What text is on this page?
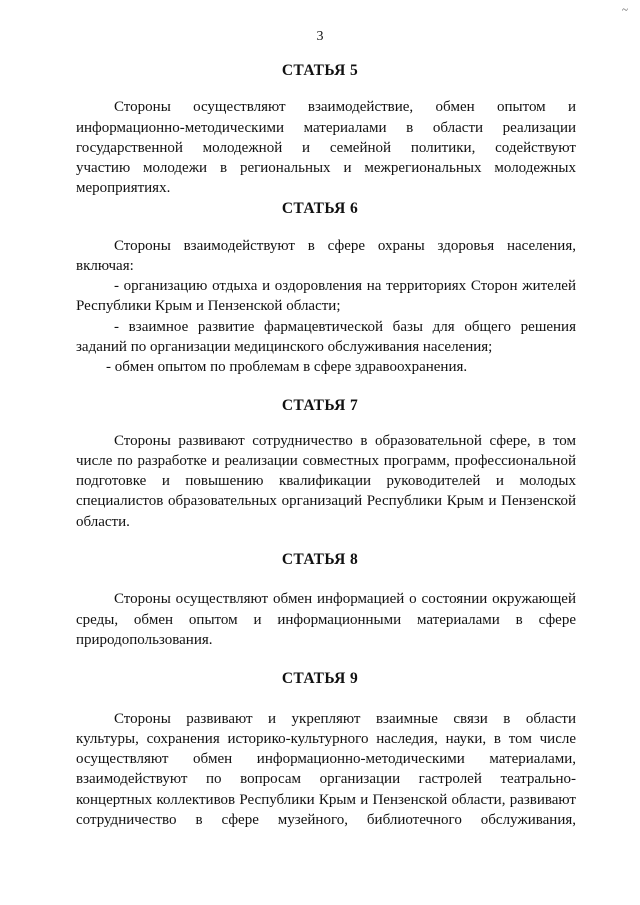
~
3
СТАТЬЯ 5
Стороны осуществляют взаимодействие, обмен опытом и
информационно-методическими материалами в области реализации
государственной молодежной и семейной политики, содействуют
участию молодежи в региональных и межрегиональных молодежных
мероприятиях.
СТАТЬЯ 6
Стороны взаимодействуют в сфере охраны здоровья населения,
включая:
- организацию отдыха и оздоровления на территориях Сторон жителей
Республики Крым и Пензенской области;
- взаимное развитие фармацевтической базы для общего решения
заданий по организации медицинского обслуживания населения;
- обмен опытом по проблемам в сфере здравоохранения.
СТАТЬЯ 7
Стороны развивают сотрудничество в образовательной сфере, в том
числе по разработке и реализации совместных программ, профессиональной
подготовке и повышению квалификации руководителей и молодых
специалистов образовательных организаций Республики Крым и Пензенской
области.
СТАТЬЯ 8
Стороны осуществляют обмен информацией о состоянии окружающей
среды, обмен опытом и информационными материалами в сфере
природопользования.
СТАТЬЯ 9
Стороны развивают и укрепляют взаимные связи в области
культуры, сохранения историко-культурного наследия, науки, в том числе
осуществляют обмен информационно-методическими материалами,
взаимодействуют по вопросам организации гастролей театрально-
концертных коллективов Республики Крым и Пензенской области, развивают
сотрудничество в сфере музейного, библиотечного обслуживания,
